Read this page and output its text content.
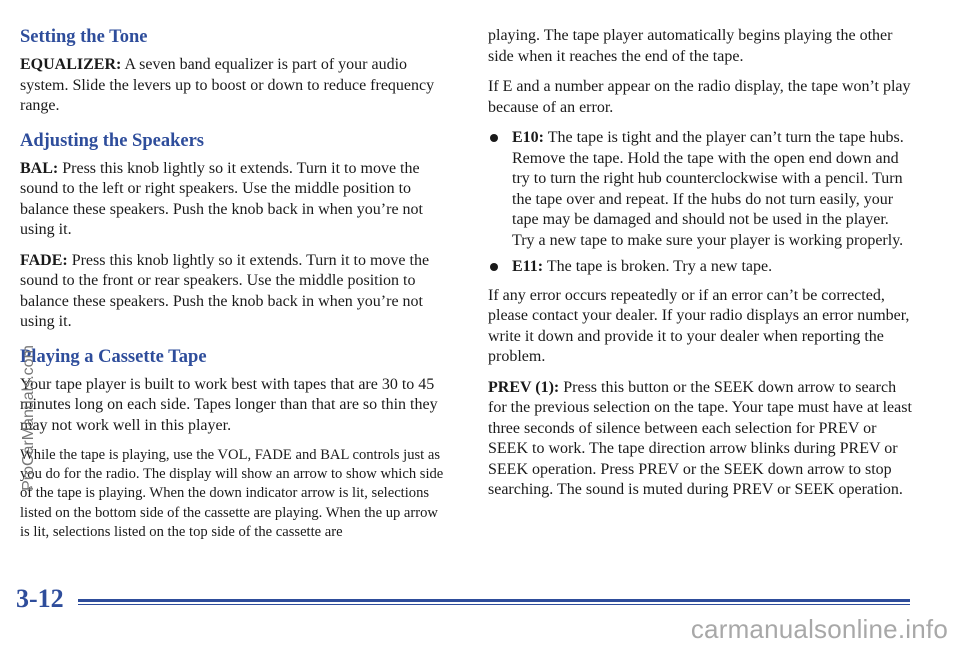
Setting the Tone

EQUALIZER: A seven band equalizer is part of your audio system. Slide the levers up to boost or down to reduce frequency range.

Adjusting the Speakers

BAL: Press this knob lightly so it extends. Turn it to move the sound to the left or right speakers. Use the middle position to balance these speakers. Push the knob back in when you’re not using it.

FADE: Press this knob lightly so it extends. Turn it to move the sound to the front or rear speakers. Use the middle position to balance these speakers. Push the knob back in when you’re not using it.

Playing a Cassette Tape

Your tape player is built to work best with tapes that are 30 to 45 minutes long on each side. Tapes longer than that are so thin they may not work well in this player.

While the tape is playing, use the VOL, FADE and BAL controls just as you do for the radio. The display will show an arrow to show which side of the tape is playing. When the down indicator arrow is lit, selections listed on the bottom side of the cassette are playing. When the up arrow is lit, selections listed on the top side of the cassette are

playing. The tape player automatically begins playing the other side when it reaches the end of the tape.

If E and a number appear on the radio display, the tape won’t play because of an error.

E10: The tape is tight and the player can’t turn the tape hubs. Remove the tape. Hold the tape with the open end down and try to turn the right hub counterclockwise with a pencil. Turn the tape over and repeat. If the hubs do not turn easily, your tape may be damaged and should not be used in the player. Try a new tape to make sure your player is working properly.
E11: The tape is broken. Try a new tape.

If any error occurs repeatedly or if an error can’t be corrected, please contact your dealer. If your radio displays an error number, write it down and provide it to your dealer when reporting the problem.

PREV (1): Press this button or the SEEK down arrow to search for the previous selection on the tape. Your tape must have at least three seconds of silence between each selection for PREV or SEEK to work. The tape direction arrow blinks during PREV or SEEK operation. Press PREV or the SEEK down arrow to stop searching. The sound is muted during PREV or SEEK operation.

3-12
ProCarManuals.com
carmanualsonline.info
